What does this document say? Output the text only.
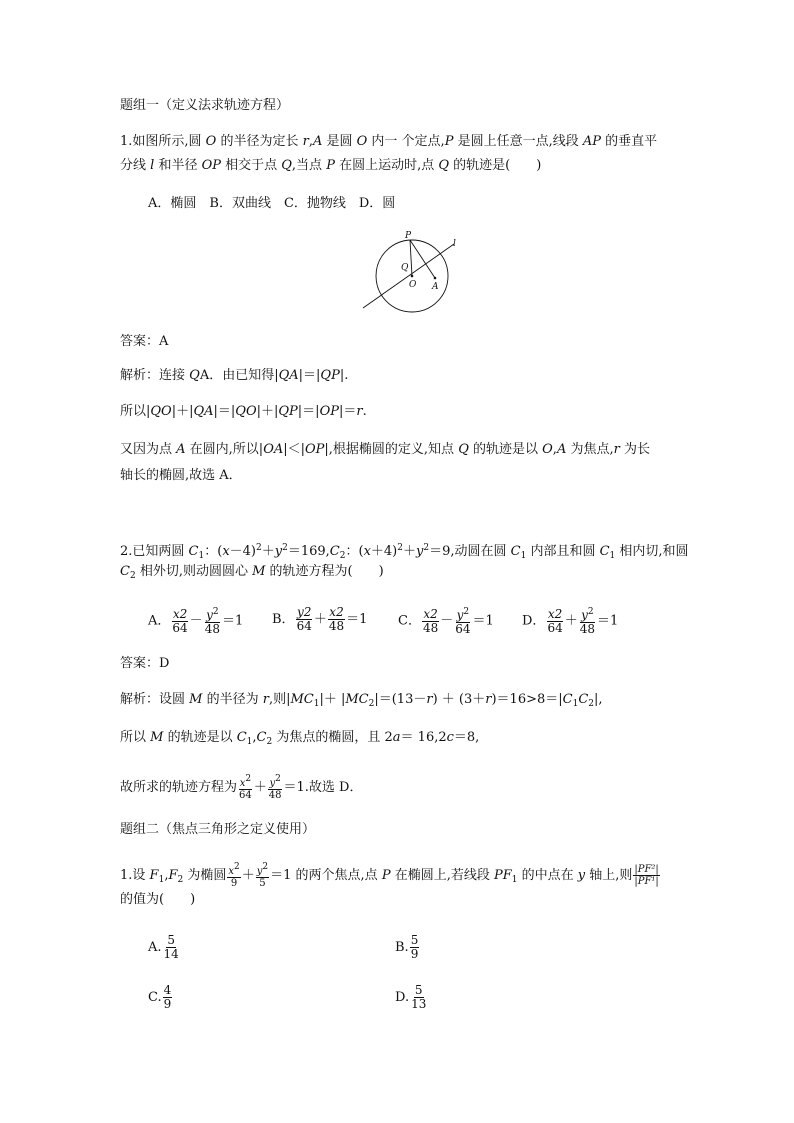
题组一（定义法求轨迹方程）
1.如图所示,圆 O 的半径为定长 r,A 是圆 O 内一 个定点,P 是圆上任意一点,线段 AP 的垂直平
分线 l 和半径 OP 相交于点 Q,当点 P 在圆上运动时,点 Q 的轨迹是(　　)
A．椭圆　B．双曲线　C．抛物线　D．圆
P
l
Q
O A
答案：A
解析：连接 QA．由已知得|QA|＝|QP|.
所以|QO|＋|QA|＝|QO|＋|QP|＝|OP|＝r.
又因为点 A 在圆内,所以|OA|＜|OP|,根据椭圆的定义,知点 Q 的轨迹是以 O,A 为焦点,r 为长
轴长的椭圆,故选 A．
2.已知两圆 $C_1$：$(x-4)^2+y^2=169,C_2$：$(x+4)^2+y^2=9$,动圆在圆 $C_1$ 内部且和圆 $C_1$ 相内切,和圆
$C_2$ 相外切,则动圆圆心 M 的轨迹方程为(　　)
A． $\frac{x2}{64} - \frac{y^2}{48} =1$ B． $\frac{y2}{64} + \frac{x2}{48} =1$ C． $\frac{x2}{48} - \frac{y^2}{64} =1$ D． $\frac{x2}{64} + \frac{y^2}{48} =1$
答案：D
解析：设圆 M 的半径为 r,则$|MC_1|+ |MC_2|=(13-r) + (3+r)=16>8=|C_1C_2|$,
所以 M 的轨迹是以 $C_1,C_2$ 为焦点的椭圆，且 2a＝ 16,2c＝8,
故所求的轨迹方程为 $\frac{x2}{64} + \frac{y2}{48} =1$.故选 D．
题组二（焦点三角形之定义使用）
1.设 $F_1,F_2$ 为椭圆 $\frac{x2}{9} + \frac{y2}{5} =1$ 的两个焦点,点 P 在椭圆上,若线段 $PF_1$ 的中点在 y 轴上,则 $\frac{\text{|PF²|}}{\text{|PF¹|}}$
的值为(　　)
A. $\frac{5}{14}$	B. $\frac{5}{9}$
C. $\frac{4}{9}$	D. $\frac{5}{13}$
